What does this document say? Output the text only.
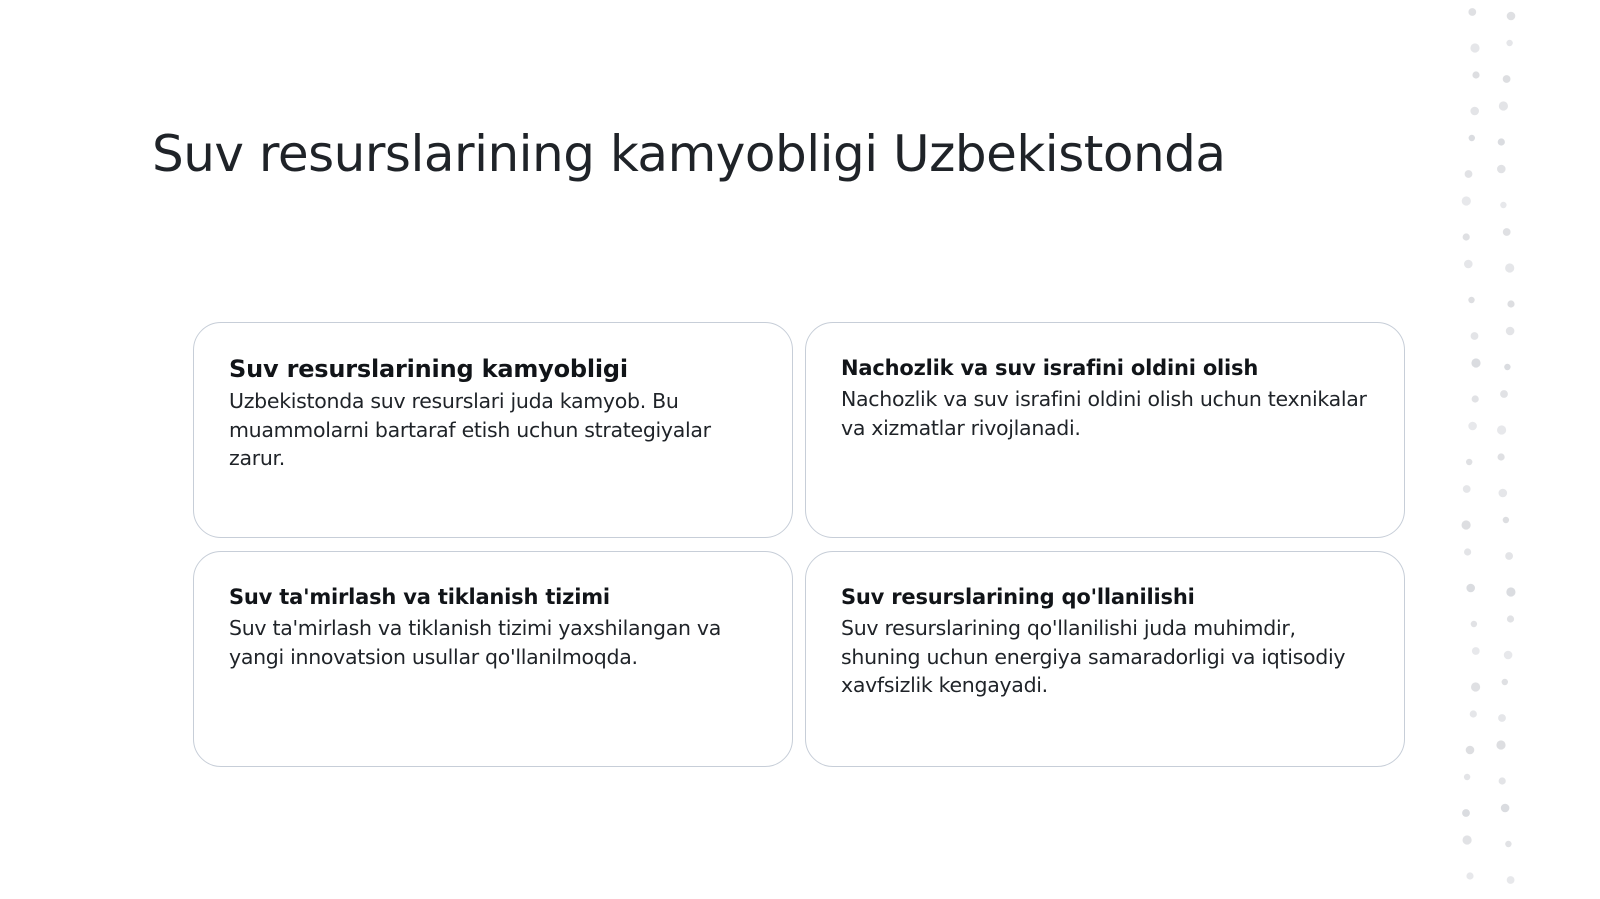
Suv resurslarining kamyobligi Uzbekistonda
Suv resurslarining kamyobligi

Uzbekistonda suv resurslari juda kamyob. Bu muammolarni bartaraf etish uchun strategiyalar zarur.

Nachozlik va suv israfini oldini olish

Nachozlik va suv israfini oldini olish uchun texnikalar va xizmatlar rivojlanadi.

Suv ta'mirlash va tiklanish tizimi

Suv ta'mirlash va tiklanish tizimi yaxshilangan va yangi innovatsion usullar qo'llanilmoqda.

Suv resurslarining qo'llanilishi

Suv resurslarining qo'llanilishi juda muhimdir, shuning uchun energiya samaradorligi va iqtisodiy xavfsizlik kengayadi.
